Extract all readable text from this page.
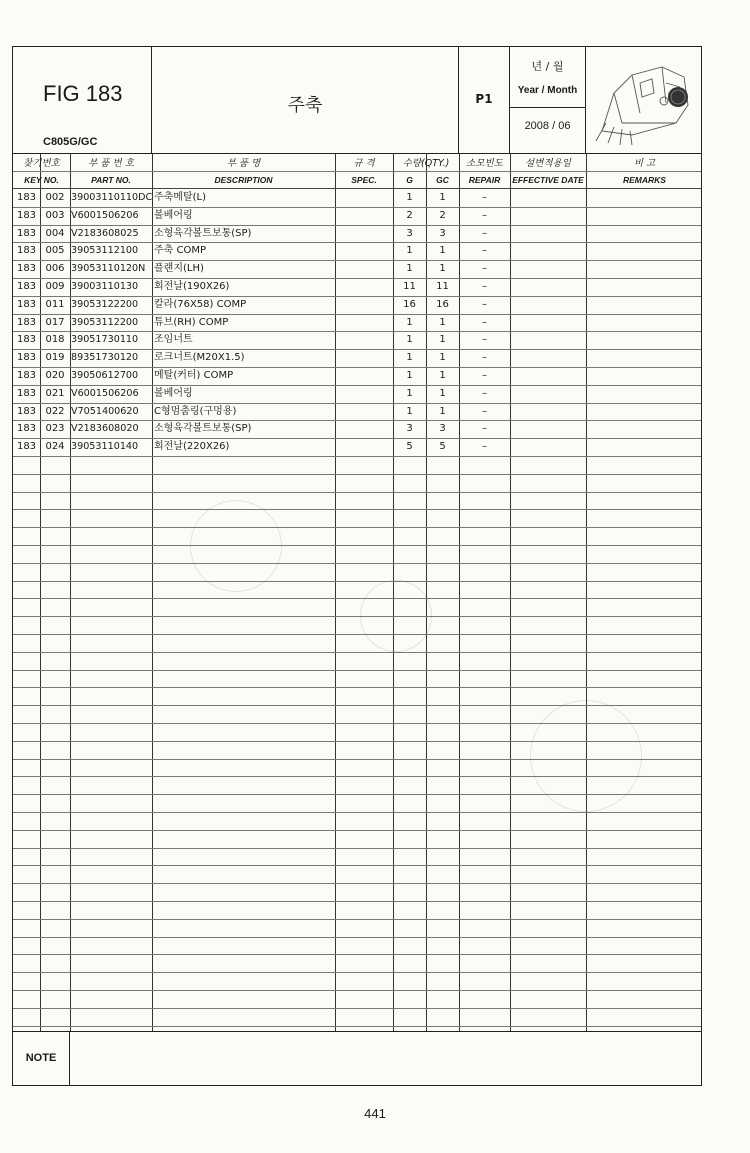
FIG 183
C805G/GC
주축	P1
년 / 월
Year / Month
2008 / 06
찾기번호
KEY NO.
부 품 번 호
PART NO.
부 품 명
DESCRIPTION
규 격
SPEC.
수량(QTY.)
G	GC
소모빈도
REPAIR
설변적용일
EFFECTIVE DATE
비 고
REMARKS
NOTE
183 002 39003110110DC 주축메탈(L)	1	1	–
183 003 V6001506206	볼베어링	2	2	–
183 004 V2183608025	소형육각볼트보통(SP)	3	3	–
183 005 39053112100	주축 COMP	1	1	–
183 006 39053110120N 플랜지(LH)	1	1	–
183 009 39003110130	회전날(190X26)	11	11	–
183 011 39053122200	칼라(76X58) COMP	16	16	–
183 017 39053112200	튜브(RH) COMP	1	1	–
183 018 39051730110	조임너트	1	1	–
183 019 89351730120	로크너트(M20X1.5)	1	1	–
183 020 39050612700	메탈(커터) COMP	1	1	–
183 021 V6001506206	볼베어링	1	1	–
183 022 V7051400620	C형멈춤링(구멍용)	1	1	–
183 023 V2183608020	소형육각볼트보통(SP)	3	3	–
183 024 39053110140	회전날(220X26)	5	5	–
441
